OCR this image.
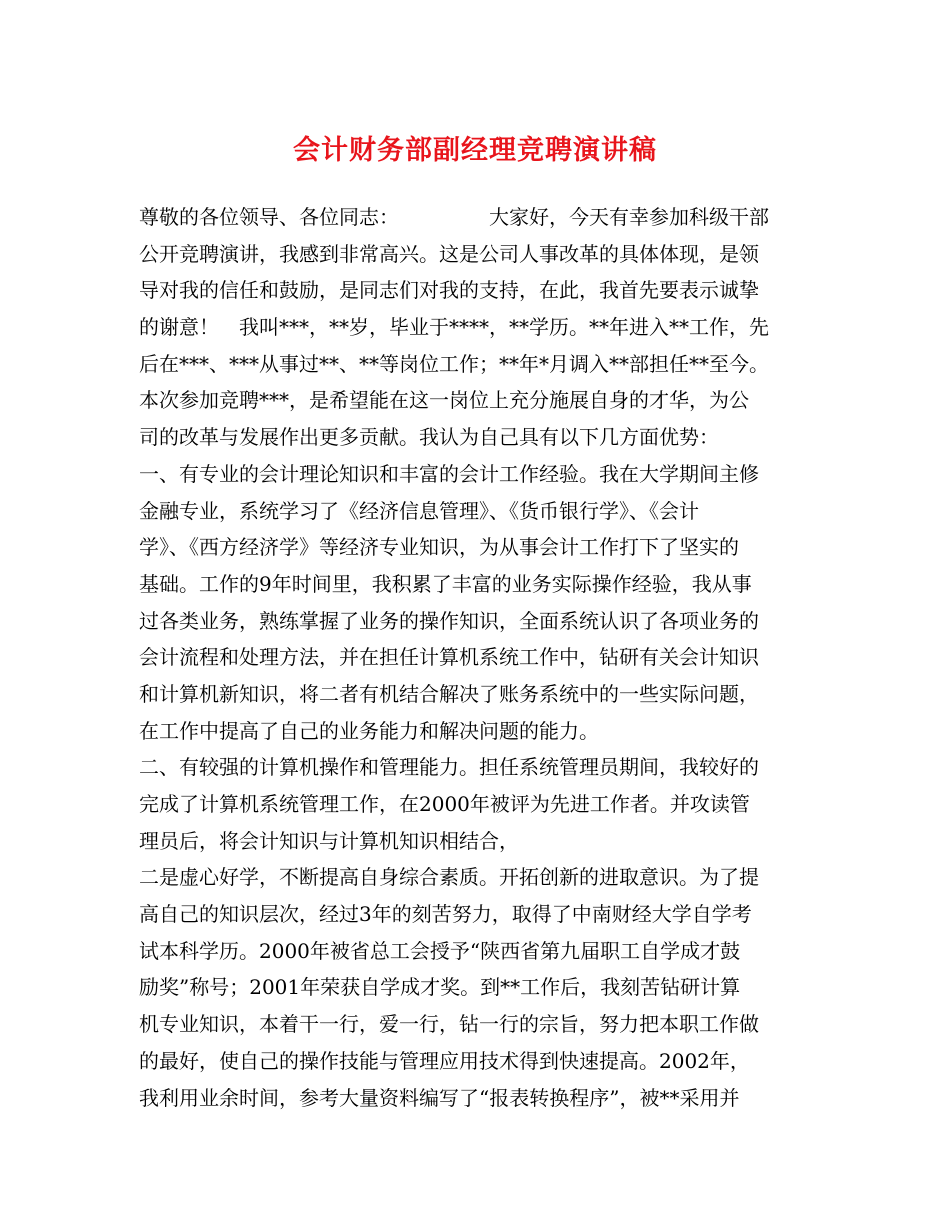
会计财务部副经理竞聘演讲稿
尊敬的各位领导、各位同志：　　　　　大家好，今天有幸参加科级干部
公开竞聘演讲，我感到非常高兴。这是公司人事改革的具体体现，是领
导对我的信任和鼓励，是同志们对我的支持，在此，我首先要表示诚挚
的谢意！　我叫***，**岁，毕业于****，**学历。**年进入**工作，先
后在***、***从事过**、**等岗位工作；**年*月调入**部担任**至今。
本次参加竞聘***，是希望能在这一岗位上充分施展自身的才华，为公
司的改革与发展作出更多贡献。我认为自己具有以下几方面优势：
一、有专业的会计理论知识和丰富的会计工作经验。我在大学期间主修
金融专业，系统学习了《经济信息管理》、《货币银行学》、《会计
学》、《西方经济学》等经济专业知识，为从事会计工作打下了坚实的
基础。工作的9年时间里，我积累了丰富的业务实际操作经验，我从事
过各类业务，熟练掌握了业务的操作知识，全面系统认识了各项业务的
会计流程和处理方法，并在担任计算机系统工作中，钻研有关会计知识
和计算机新知识，将二者有机结合解决了账务系统中的一些实际问题，
在工作中提高了自己的业务能力和解决问题的能力。
二、有较强的计算机操作和管理能力。担任系统管理员期间，我较好的
完成了计算机系统管理工作，在2000年被评为先进工作者。并攻读管
理员后，将会计知识与计算机知识相结合，
二是虚心好学，不断提高自身综合素质。开拓创新的进取意识。为了提
高自己的知识层次，经过3年的刻苦努力，取得了中南财经大学自学考
试本科学历。2000年被省总工会授予“陕西省第九届职工自学成才鼓
励奖”称号；2001年荣获自学成才奖。到**工作后，我刻苦钻研计算
机专业知识，本着干一行，爱一行，钻一行的宗旨，努力把本职工作做
的最好，使自己的操作技能与管理应用技术得到快速提高。2002年，
我利用业余时间，参考大量资料编写了“报表转换程序”，被**采用并
